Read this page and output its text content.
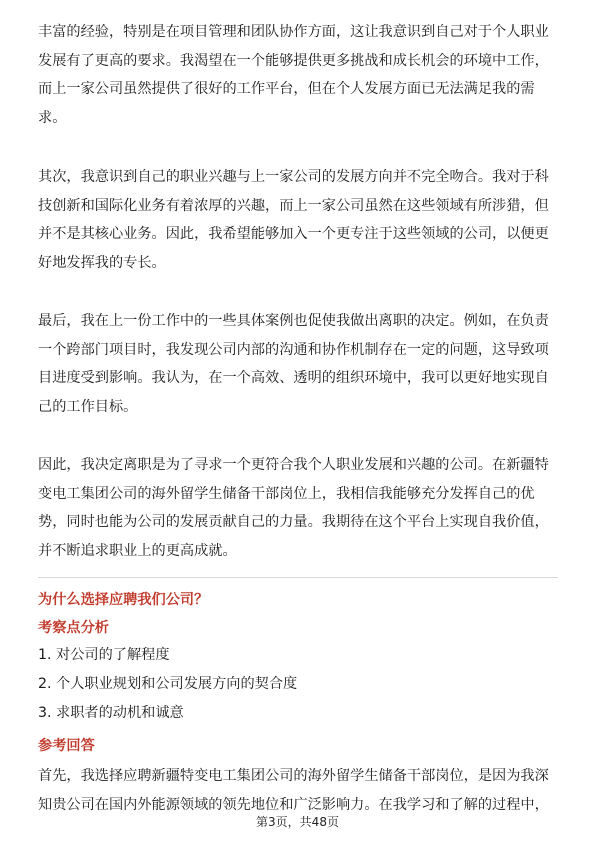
丰富的经验，特别是在项目管理和团队协作方面，这让我意识到自己对于个人职业
发展有了更高的要求。我渴望在一个能够提供更多挑战和成长机会的环境中工作，
而上一家公司虽然提供了很好的工作平台，但在个人发展方面已无法满足我的需
求。

其次，我意识到自己的职业兴趣与上一家公司的发展方向并不完全吻合。我对于科
技创新和国际化业务有着浓厚的兴趣，而上一家公司虽然在这些领域有所涉猎，但
并不是其核心业务。因此，我希望能够加入一个更专注于这些领域的公司，以便更
好地发挥我的专长。

最后，我在上一份工作中的一些具体案例也促使我做出离职的决定。例如，在负责
一个跨部门项目时，我发现公司内部的沟通和协作机制存在一定的问题，这导致项
目进度受到影响。我认为，在一个高效、透明的组织环境中，我可以更好地实现自
己的工作目标。

因此，我决定离职是为了寻求一个更符合我个人职业发展和兴趣的公司。在新疆特
变电工集团公司的海外留学生储备干部岗位上，我相信我能够充分发挥自己的优
势，同时也能为公司的发展贡献自己的力量。我期待在这个平台上实现自我价值，
并不断追求职业上的更高成就。

为什么选择应聘我们公司？
考察点分析
1. 对公司的了解程度
2. 个人职业规划和公司发展方向的契合度
3. 求职者的动机和诚意
参考回答

首先，我选择应聘新疆特变电工集团公司的海外留学生储备干部岗位，是因为我深
知贵公司在国内外能源领域的领先地位和广泛影响力。在我学习和了解的过程中，

第3页，共48页
